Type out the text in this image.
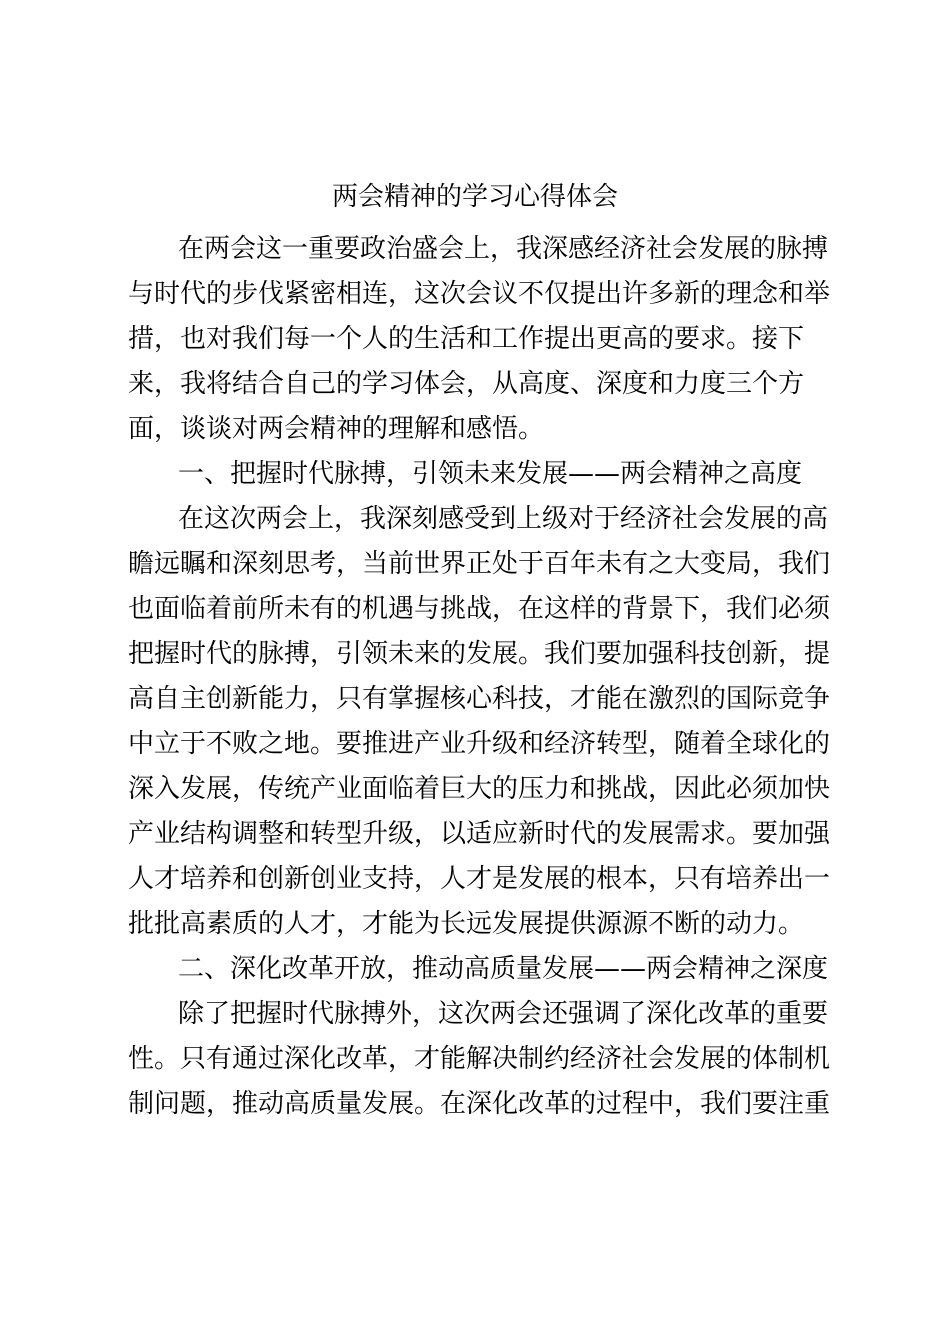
两会精神的学习心得体会
在两会这一重要政治盛会上，我深感经济社会发展的脉搏
与时代的步伐紧密相连，这次会议不仅提出许多新的理念和举
措，也对我们每一个人的生活和工作提出更高的要求。接下
来，我将结合自己的学习体会，从高度、深度和力度三个方
面，谈谈对两会精神的理解和感悟。
一、把握时代脉搏，引领未来发展——两会精神之高度
在这次两会上，我深刻感受到上级对于经济社会发展的高
瞻远瞩和深刻思考，当前世界正处于百年未有之大变局，我们
也面临着前所未有的机遇与挑战，在这样的背景下，我们必须
把握时代的脉搏，引领未来的发展。我们要加强科技创新，提
高自主创新能力，只有掌握核心科技，才能在激烈的国际竞争
中立于不败之地。要推进产业升级和经济转型，随着全球化的
深入发展，传统产业面临着巨大的压力和挑战，因此必须加快
产业结构调整和转型升级，以适应新时代的发展需求。要加强
人才培养和创新创业支持，人才是发展的根本，只有培养出一
批批高素质的人才，才能为长远发展提供源源不断的动力。
二、深化改革开放，推动高质量发展——两会精神之深度
除了把握时代脉搏外，这次两会还强调了深化改革的重要
性。只有通过深化改革，才能解决制约经济社会发展的体制机
制问题，推动高质量发展。在深化改革的过程中，我们要注重
